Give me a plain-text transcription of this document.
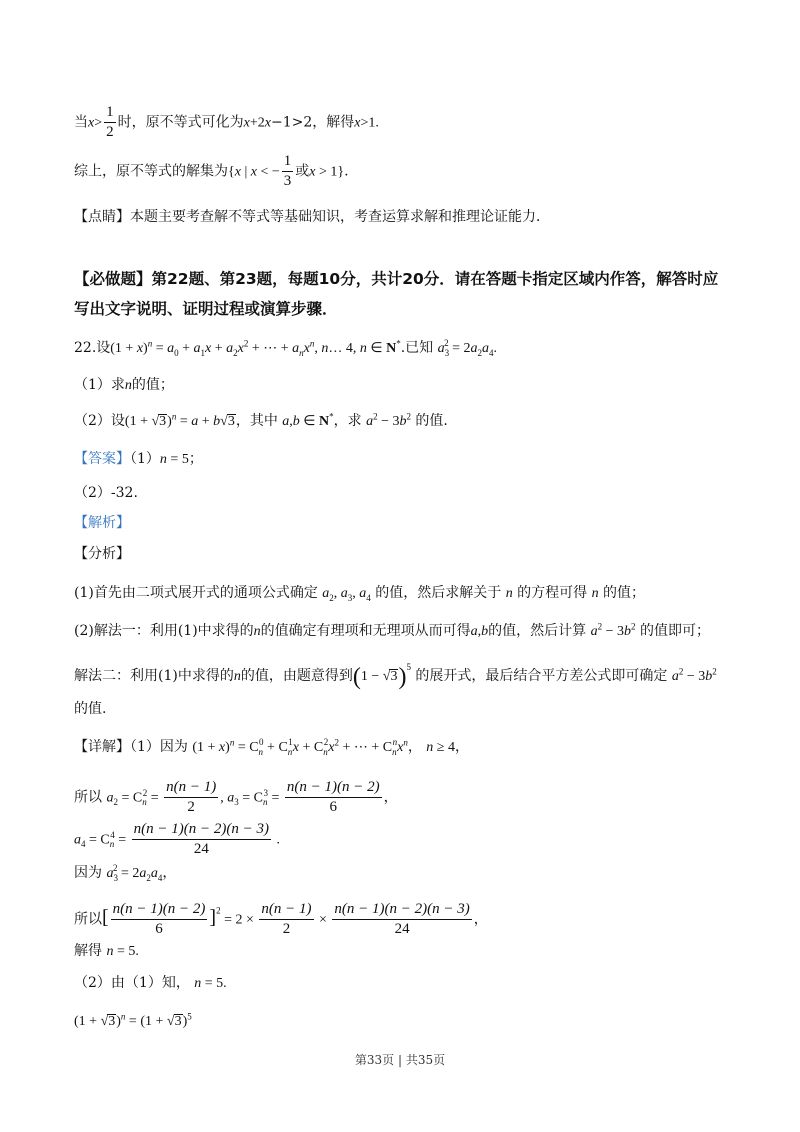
当$x> \frac{1}{2}$ 时，原不等式可化为x+2x−1>2，解得x>1.
综上，原不等式的解集为{x | x < − $\frac{1}{3}$ 或x > 1}.
【点睛】本题主要考查解不等式等基础知识，考查运算求解和推理论证能力．
【必做题】第22题、第23题，每题10分，共计20分．请在答题卡指定区域内作答，解答时应
写出文字说明、证明过程或演算步骤．
22.设$(1 + x)^n = a_0 + a_1x + a_2x^2$ + ⋯ + $a_nx^n$, n… 4, n ∈ N*.已知 $a_3^2 = 2a_2a_4$.
（1）求n的值；
（2）设$(1 + √3)^n = a + b√3$，其中 a,b ∈ N*，求 $a^2 - 3b^2$ 的值.
【答案】（1）n = 5；
（2）-32.
【解析】
【分析】
(1)首先由二项式展开式的通项公式确定 $a_2$, $a_3$, $a_4$ 的值，然后求解关于 n 的方程可得 n 的值；
(2)解法一：利用(1)中求得的n的值确定有理项和无理项从而可得a,b的值，然后计算 $a^2 - 3b^2$ 的值即可；
解法二：利用(1)中求得的n的值，由题意得到$(1 - √3)^5$ 的展开式，最后结合平方差公式即可确定 $a^2 - 3b^2$
的值.
【详解】（1）因为 $(1 + x)^n = C_n^0 + C_n^1x + C_n^2x^2$ + ⋯ + $C_n^nx^n$， n ≥ 4，
所以 $a_2 = C_n^2 = \frac{n(n - 1)}{2}$ , $a_3 = C_n^3 = \frac{n(n - 1)(n - 2)}{6}$ ，
$a_4 = C_n^4 = \frac{n(n - 1)(n - 2)(n - 3)}{24}$ .
因为 $a_3^2 = 2a_2a_4$，
所以[ $\frac{n(n - 1)(n - 2)}{6} ]^2 = 2 \times \frac{n(n - 1)}{2} \times \frac{n(n - 1)(n - 2)(n - 3)}{24}$ ，
解得 n = 5.
（2）由（1）知， n = 5.
$(1 + √3)^n = (1 + √3)^5$
第33页 | 共35页
